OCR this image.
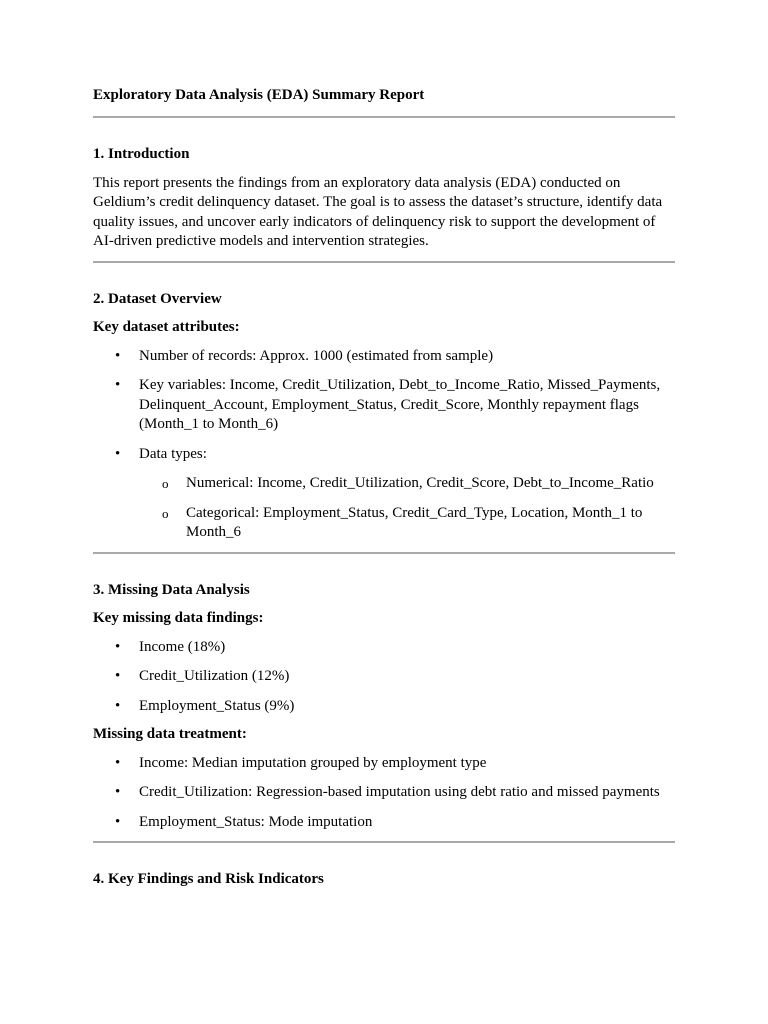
Exploratory Data Analysis (EDA) Summary Report

1. Introduction

This report presents the findings from an exploratory data analysis (EDA) conducted on Geldium’s credit delinquency dataset. The goal is to assess the dataset’s structure, identify data quality issues, and uncover early indicators of delinquency risk to support the development of AI-driven predictive models and intervention strategies.

2. Dataset Overview

Key dataset attributes:

• Number of records: Approx. 1000 (estimated from sample)
• Key variables: Income, Credit_Utilization, Debt_to_Income_Ratio, Missed_Payments, Delinquent_Account, Employment_Status, Credit_Score, Monthly repayment flags (Month_1 to Month_6)
• Data types:
o Numerical: Income, Credit_Utilization, Credit_Score, Debt_to_Income_Ratio
o Categorical: Employment_Status, Credit_Card_Type, Location, Month_1 to Month_6

3. Missing Data Analysis

Key missing data findings:

• Income (18%)
• Credit_Utilization (12%)
• Employment_Status (9%)

Missing data treatment:

• Income: Median imputation grouped by employment type
• Credit_Utilization: Regression-based imputation using debt ratio and missed payments
• Employment_Status: Mode imputation

4. Key Findings and Risk Indicators
